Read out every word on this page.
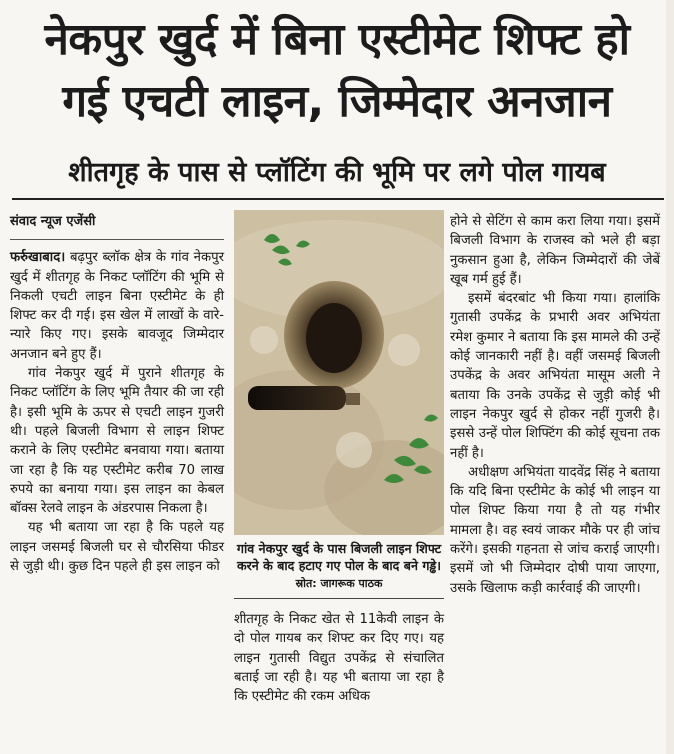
नेकपुर खुर्द में बिना एस्टीमेट शिफ्ट हो
गई एचटी लाइन, जिम्मेदार अनजान
शीतगृह के पास से प्लॉटिंग की भूमि पर लगे पोल गायब
संवाद न्यूज एजेंसी

फर्रुखाबाद। बढ़पुर ब्लॉक क्षेत्र के गांव नेकपुर खुर्द में शीतगृह के निकट प्लॉटिंग की भूमि से निकली एचटी लाइन बिना एस्टीमेट के ही शिफ्ट कर दी गई। इस खेल में लाखों के वारे-न्यारे किए गए। इसके बावजूद जिम्मेदार अनजान बने हुए हैं।

गांव नेकपुर खुर्द में पुराने शीतगृह के निकट प्लॉटिंग के लिए भूमि तैयार की जा रही है। इसी भूमि के ऊपर से एचटी लाइन गुजरी थी। पहले बिजली विभाग से लाइन शिफ्ट कराने के लिए एस्टीमेट बनवाया गया। बताया जा रहा है कि यह एस्टीमेट करीब 70 लाख रुपये का बनाया गया। इस लाइन का केबल बॉक्स रेलवे लाइन के अंडरपास निकला है।

यह भी बताया जा रहा है कि पहले यह लाइन जसमई बिजली घर से चौरसिया फीडर से जुड़ी थी। कुछ दिन पहले ही इस लाइन को

गांव नेकपुर खुर्द के पास बिजली लाइन शिफ्ट करने के बाद हटाए गए पोल के बाद बने गड्ढे। स्रोत: जागरूक पाठक

शीतगृह के निकट खेत से 11केवी लाइन के दो पोल गायब कर शिफ्ट कर दिए गए। यह लाइन गुतासी विद्युत उपकेंद्र से संचालित बताई जा रही है। यह भी बताया जा रहा है कि एस्टीमेट की रकम अधिक

होने से सेटिंग से काम करा लिया गया। इसमें बिजली विभाग के राजस्व को भले ही बड़ा नुकसान हुआ है, लेकिन जिम्मेदारों की जेबें खूब गर्म हुई हैं।

इसमें बंदरबांट भी किया गया। हालांकि गुतासी उपकेंद्र के प्रभारी अवर अभियंता रमेश कुमार ने बताया कि इस मामले की उन्हें कोई जानकारी नहीं है। वहीं जसमई बिजली उपकेंद्र के अवर अभियंता मासूम अली ने बताया कि उनके उपकेंद्र से जुड़ी कोई भी लाइन नेकपुर खुर्द से होकर नहीं गुजरी है। इससे उन्हें पोल शिफ्टिंग की कोई सूचना तक नहीं है।

अधीक्षण अभियंता यादवेंद्र सिंह ने बताया कि यदि बिना एस्टीमेट के कोई भी लाइन या पोल शिफ्ट किया गया है तो यह गंभीर मामला है। वह स्वयं जाकर मौके पर ही जांच करेंगे। इसकी गहनता से जांच कराई जाएगी। इसमें जो भी जिम्मेदार दोषी पाया जाएगा, उसके खिलाफ कड़ी कार्रवाई की जाएगी।
